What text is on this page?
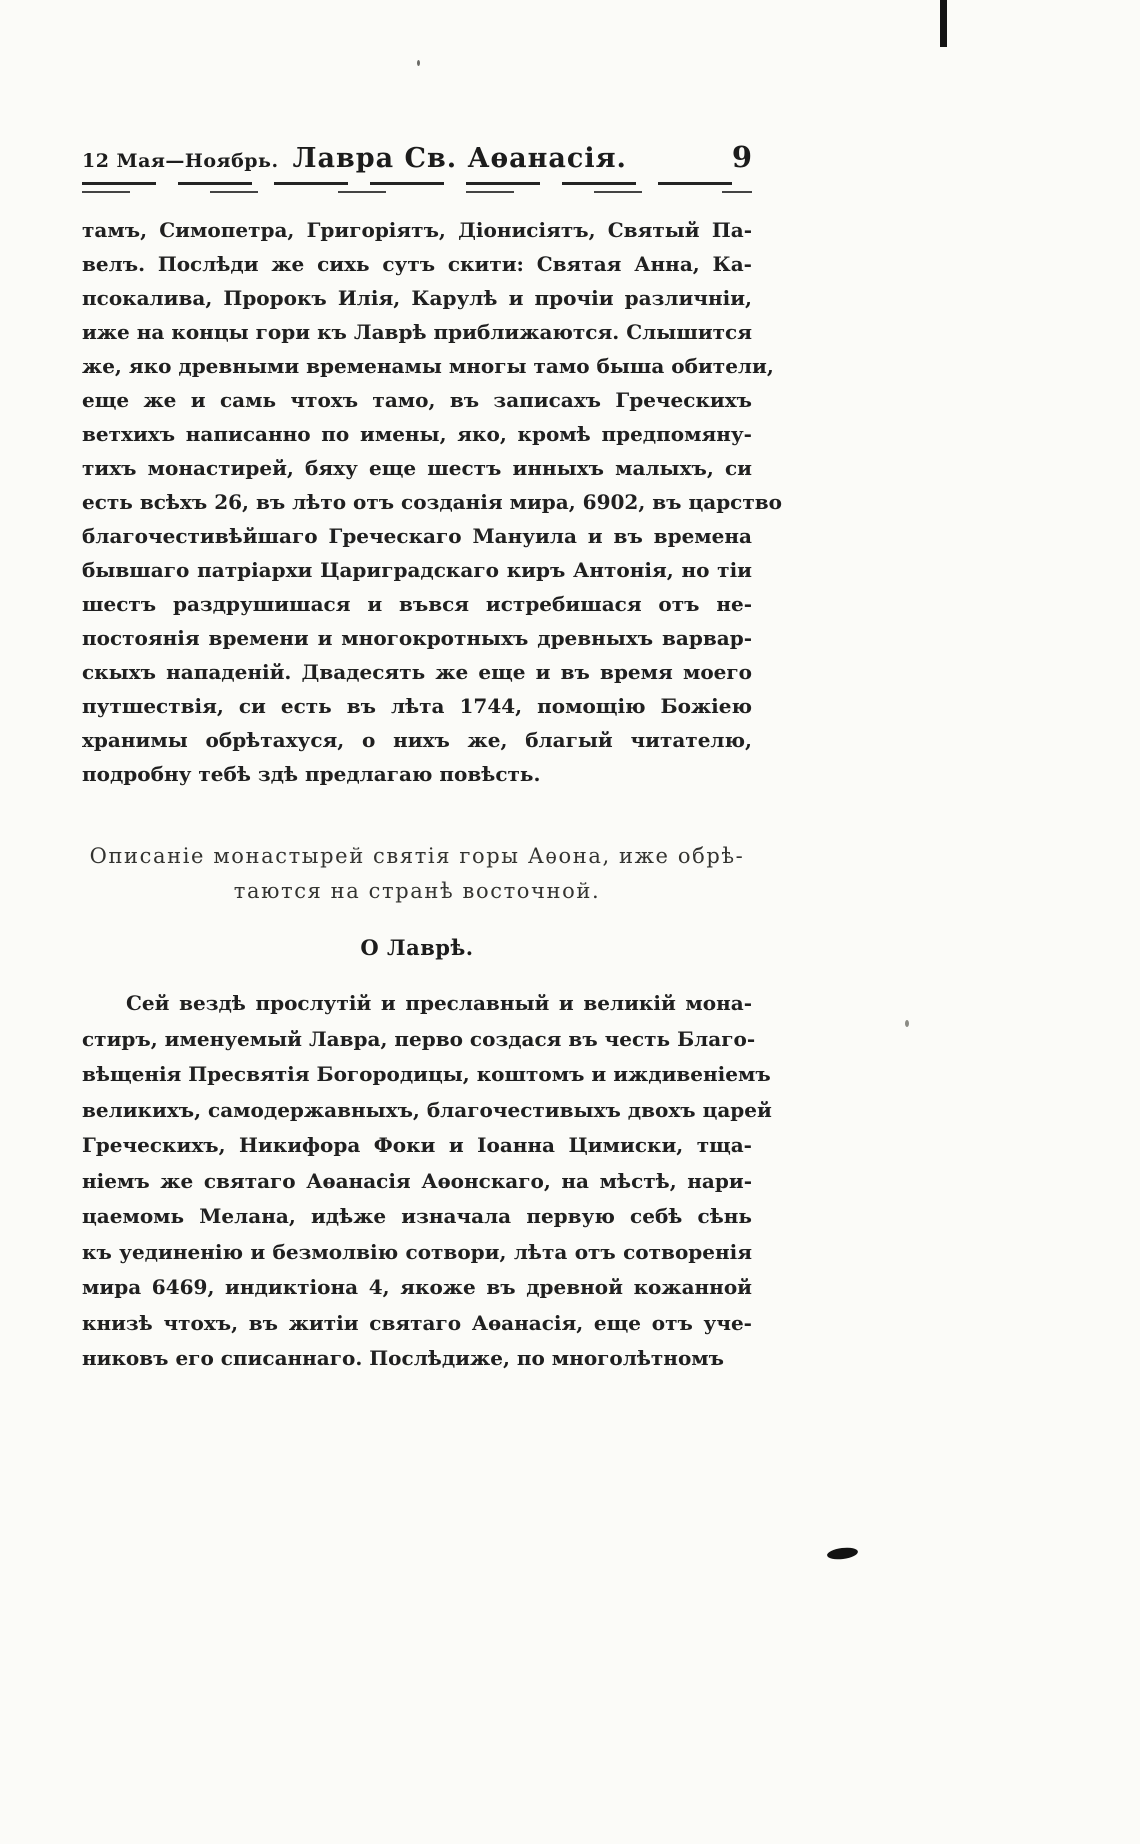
12 Мая—Ноябрь. Лавра Св. Аѳанасія.	9
тамъ, Симопетра, Григоріятъ, Діонисіятъ, Святый Па-
велъ. Послѣди же сихь сутъ скити: Святая Анна, Ка-
псокалива, Пророкъ Илія, Карулѣ и прочіи различніи,
иже на концы гори къ Лаврѣ приближаются. Слышится
же, яко древными временамы многы тамо быша обители,
еще же и самь чтохъ тамо, въ записахъ Греческихъ
ветхихъ написанно по имены, яко, кромѣ предпомяну-
тихъ монастирей, бяху еще шестъ инныхъ малыхъ, си
есть всѣхъ 26, въ лѣто отъ созданія мира, 6902, въ царство
благочестивѣйшаго Греческаго Мануила и въ времена
бывшаго патріархи Цариградскаго киръ Антонія, но тіи
шестъ раздрушишася и въвся истребишася отъ не-
постоянія времени и многокротныхъ древныхъ варвар-
скыхъ нападеній. Двадесять же еще и въ время моего
путшествія, си есть въ лѣта 1744, помощію Божіею
хранимы обрѣтахуся, о нихъ же, благый читателю,
подробну тебѣ здѣ предлагаю повѣсть.
Описаніе монастырей святія горы Аѳона, иже обрѣ-
таются на странѣ восточной.
О Лаврѣ.
Сей вездѣ прослутій и преславный и великій мона-
стиръ, именуемый Лавра, перво создася въ честь Благо-
вѣщенія Пресвятія Богородицы, коштомъ и иждивеніемъ
великихъ, самодержавныхъ, благочестивыхъ двохъ царей
Греческихъ, Никифора Фоки и Іоанна Цимиски, тща-
ніемъ же святаго Аѳанасія Аѳонскаго, на мѣстѣ, нари-
цаемомь Мелана, идѣже изначала первую себѣ сѣнь
къ уединенію и безмолвію сотвори, лѣта отъ сотворенія
мира 6469, индиктіона 4, якоже въ древной кожанной
книзѣ чтохъ, въ житіи святаго Аѳанасія, еще отъ уче-
никовъ его списаннаго. Послѣдиже, по многолѣтномъ
